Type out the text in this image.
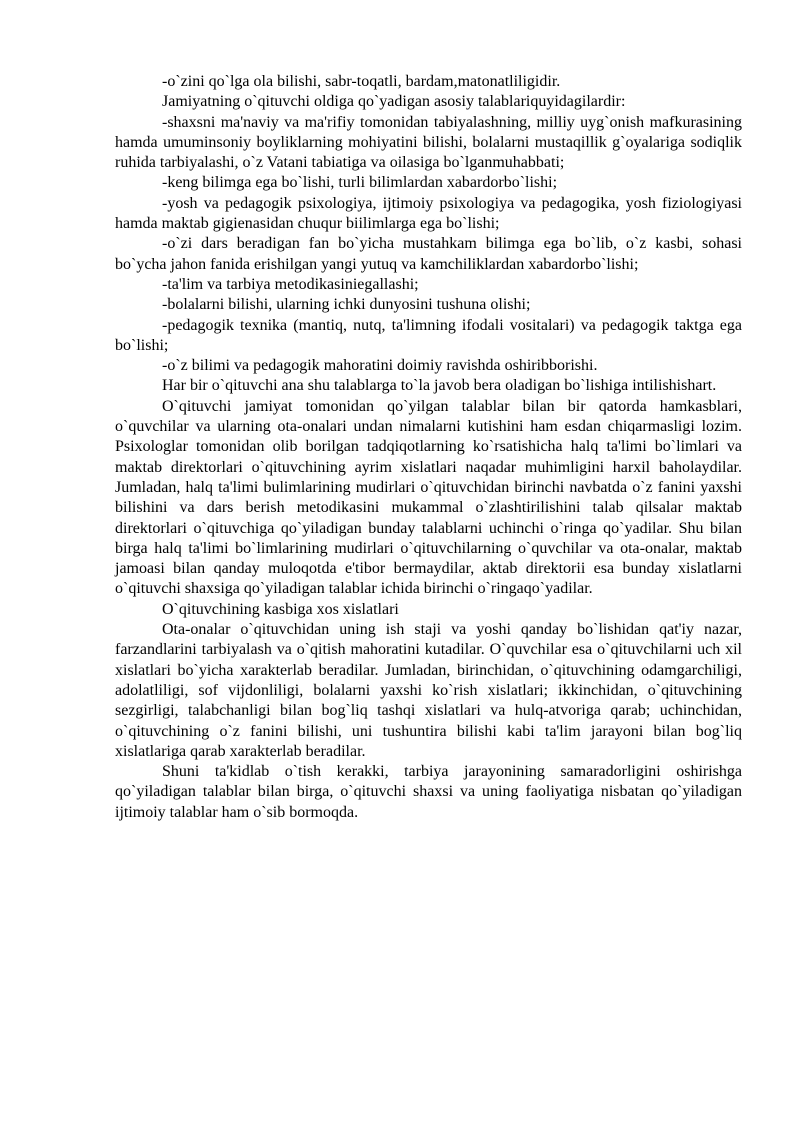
-o`zini qo`lga ola bilishi, sabr-toqatli, bardam,matonatliligidir.

Jamiyatning o`qituvchi oldiga qo`yadigan asosiy talablariquyidagilardir:

-shaxsni ma'naviy va ma'rifiy tomonidan tabiyalashning, milliy uyg`onish mafkurasining hamda umuminsoniy boyliklarning mohiyatini bilishi, bolalarni mustaqillik g`oyalariga sodiqlik ruhida tarbiyalashi, o`z Vatani tabiatiga va oilasiga bo`lganmuhabbati;

-keng bilimga ega bo`lishi, turli bilimlardan xabardorbo`lishi;

-yosh va pedagogik psixologiya, ijtimoiy psixologiya va pedagogika, yosh fiziologiyasi hamda maktab gigienasidan chuqur biilimlarga ega bo`lishi;

-o`zi dars beradigan fan bo`yicha mustahkam bilimga ega bo`lib, o`z kasbi, sohasi bo`ycha jahon fanida erishilgan yangi yutuq va kamchiliklardan xabardorbo`lishi;

-ta'lim va tarbiya metodikasiniegallashi;

-bolalarni bilishi, ularning ichki dunyosini tushuna olishi;

-pedagogik texnika (mantiq, nutq, ta'limning ifodali vositalari) va pedagogik taktga ega bo`lishi;

-o`z bilimi va pedagogik mahoratini doimiy ravishda oshiribborishi.

Har bir o`qituvchi ana shu talablarga to`la javob bera oladigan bo`lishiga intilishishart.

O`qituvchi jamiyat tomonidan qo`yilgan talablar bilan bir qatorda hamkasblari, o`quvchilar va ularning ota-onalari undan nimalarni kutishini ham esdan chiqarmasligi lozim. Psixologlar tomonidan olib borilgan tadqiqotlarning ko`rsatishicha halq ta'limi bo`limlari va maktab direktorlari o`qituvchining ayrim xislatlari naqadar muhimligini harxil baholaydilar. Jumladan, halq ta'limi bulimlarining mudirlari o`qituvchidan birinchi navbatda o`z fanini yaxshi bilishini va dars berish metodikasini mukammal o`zlashtirilishini talab qilsalar maktab direktorlari o`qituvchiga qo`yiladigan bunday talablarni uchinchi o`ringa qo`yadilar. Shu bilan birga halq ta'limi bo`limlarining mudirlari o`qituvchilarning o`quvchilar va ota-onalar, maktab jamoasi bilan qanday muloqotda e'tibor bermaydilar, aktab direktorii esa bunday xislatlarni o`qituvchi shaxsiga qo`yiladigan talablar ichida birinchi o`ringaqo`yadilar.

O`qituvchining kasbiga xos xislatlari

Ota-onalar o`qituvchidan uning ish staji va yoshi qanday bo`lishidan qat'iy nazar, farzandlarini tarbiyalash va o`qitish mahoratini kutadilar. O`quvchilar esa o`qituvchilarni uch xil xislatlari bo`yicha xarakterlab beradilar. Jumladan, birinchidan, o`qituvchining odamgarchiligi, adolatliligi, sof vijdonliligi, bolalarni yaxshi ko`rish xislatlari; ikkinchidan, o`qituvchining sezgirligi, talabchanligi bilan bog`liq tashqi xislatlari va hulq-atvoriga qarab; uchinchidan, o`qituvchining o`z fanini bilishi, uni tushuntira bilishi kabi ta'lim jarayoni bilan bog`liq xislatlariga qarab xarakterlab beradilar.

Shuni ta'kidlab o`tish kerakki, tarbiya jarayonining samaradorligini oshirishga qo`yiladigan talablar bilan birga, o`qituvchi shaxsi va uning faoliyatiga nisbatan qo`yiladigan ijtimoiy talablar ham o`sib bormoqda.
